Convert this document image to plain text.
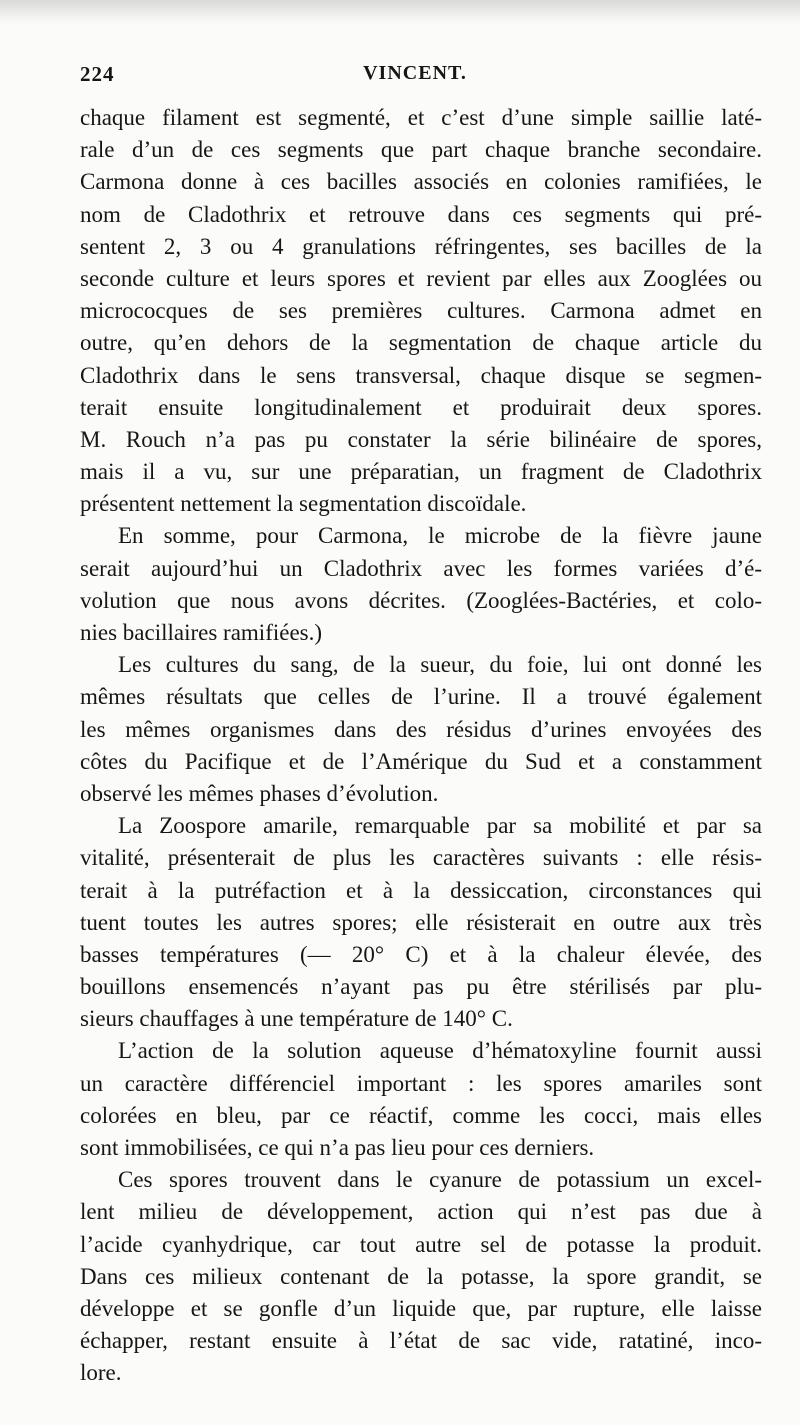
224	VINCENT.
chaque filament est segmenté, et c’est d’une simple saillie laté-
rale d’un de ces segments que part chaque branche secondaire.
Carmona donne à ces bacilles associés en colonies ramifiées, le
nom de Cladothrix et retrouve dans ces segments qui pré-
sentent 2, 3 ou 4 granulations réfringentes, ses bacilles de la
seconde culture et leurs spores et revient par elles aux Zooglées ou
micrococques de ses premières cultures. Carmona admet en
outre, qu’en dehors de la segmentation de chaque article du
Cladothrix dans le sens transversal, chaque disque se segmen-
terait ensuite longitudinalement et produirait deux spores.
M. Rouch n’a pas pu constater la série bilinéaire de spores,
mais il a vu, sur une préparatian, un fragment de Cladothrix
présentent nettement la segmentation discoïdale.
En somme, pour Carmona, le microbe de la fièvre jaune
serait aujourd’hui un Cladothrix avec les formes variées d’é-
volution que nous avons décrites. (Zooglées-Bactéries, et colo-
nies bacillaires ramifiées.)
Les cultures du sang, de la sueur, du foie, lui ont donné les
mêmes résultats que celles de l’urine. Il a trouvé également
les mêmes organismes dans des résidus d’urines envoyées des
côtes du Pacifique et de l’Amérique du Sud et a constamment
observé les mêmes phases d’évolution.
La Zoospore amarile, remarquable par sa mobilité et par sa
vitalité, présenterait de plus les caractères suivants : elle résis-
terait à la putréfaction et à la dessiccation, circonstances qui
tuent toutes les autres spores; elle résisterait en outre aux très
basses températures (— 20° C) et à la chaleur élevée, des
bouillons ensemencés n’ayant pas pu être stérilisés par plu-
sieurs chauffages à une température de 140° C.
L’action de la solution aqueuse d’hématoxyline fournit aussi
un caractère différenciel important : les spores amariles sont
colorées en bleu, par ce réactif, comme les cocci, mais elles
sont immobilisées, ce qui n’a pas lieu pour ces derniers.
Ces spores trouvent dans le cyanure de potassium un excel-
lent milieu de développement, action qui n’est pas due à
l’acide cyanhydrique, car tout autre sel de potasse la produit.
Dans ces milieux contenant de la potasse, la spore grandit, se
développe et se gonfle d’un liquide que, par rupture, elle laisse
échapper, restant ensuite à l’état de sac vide, ratatiné, inco-
lore.
